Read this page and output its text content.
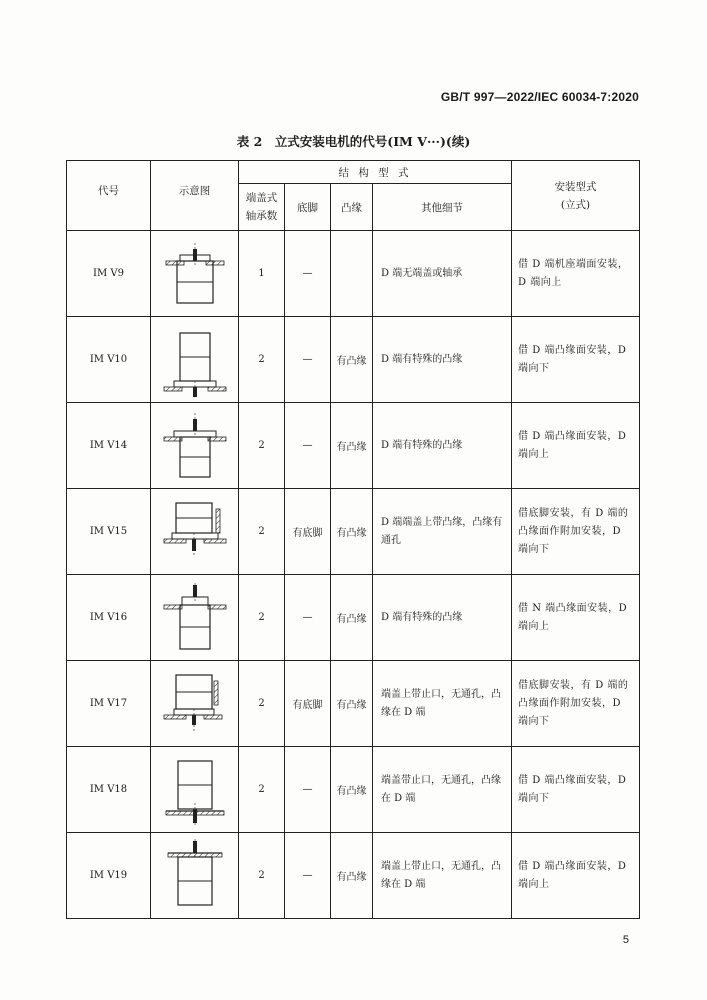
GB/T 997—2022/IEC 60034-7:2020
表 2　立式安装电机的代号(IM V···)(续)
代号	示意图	结 构 型 式				安装型式
(立式)
		端盖式
轴承数	底脚	凸缘	其他细节	
IM V9		1	—		D 端无端盖或轴承	借 D 端机座端面安装，D 端向上
IM V10		2	—	有凸缘	D 端有特殊的凸缘	借 D 端凸缘面安装，D 端向下
IM V14		2	—	有凸缘	D 端有特殊的凸缘	借 D 端凸缘面安装，D 端向上
IM V15		2	有底脚	有凸缘	D 端端盖上带凸缘，凸缘有通孔	借底脚安装，有 D 端的凸缘面作附加安装，D 端向下
IM V16		2	—	有凸缘	D 端有特殊的凸缘	借 N 端凸缘面安装，D 端向上
IM V17		2	有底脚	有凸缘	端盖上带止口，无通孔，凸缘在 D 端	借底脚安装，有 D 端的凸缘面作附加安装，D 端向下
IM V18		2	—	有凸缘	端盖带止口，无通孔，凸缘在 D 端	借 D 端凸缘面安装，D 端向下
IM V19		2	—	有凸缘	端盖上带止口，无通孔，凸缘在 D 端	借 D 端凸缘面安装，D 端向上
5
